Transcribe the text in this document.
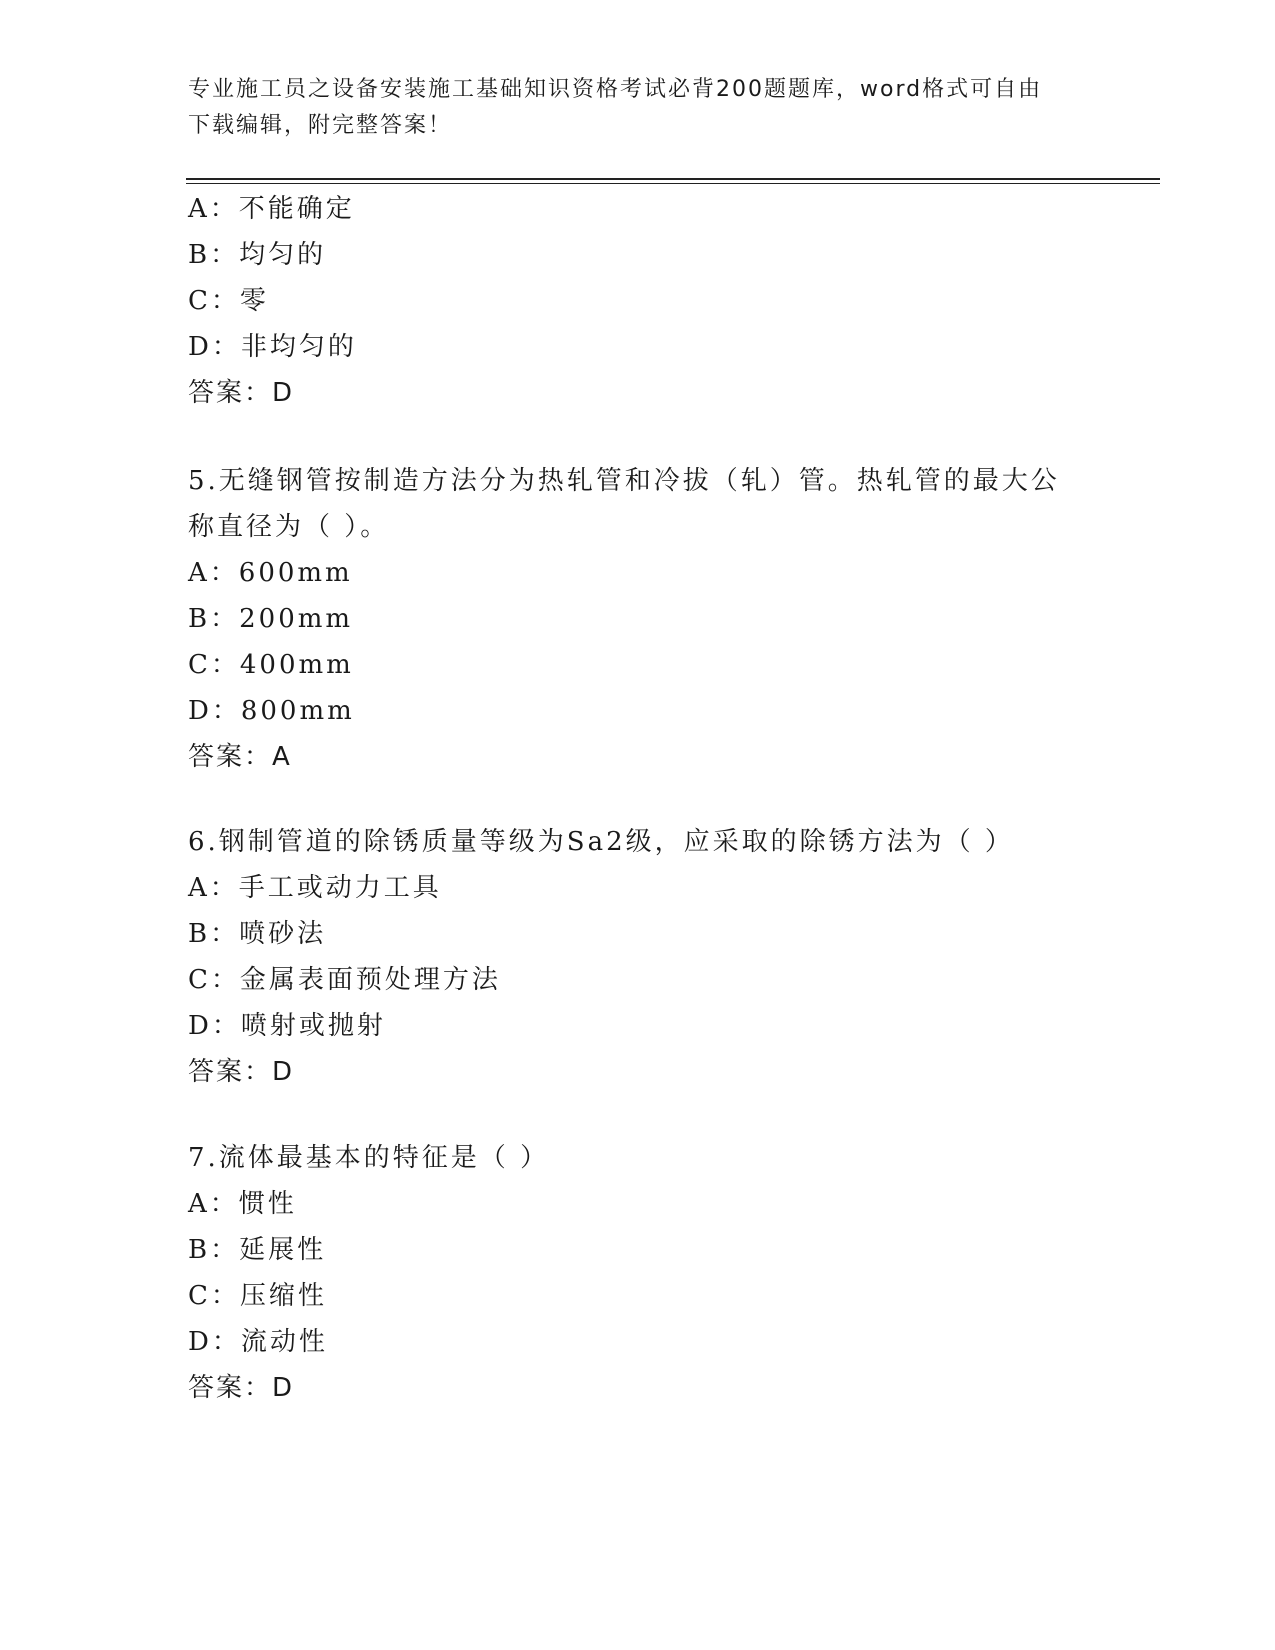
专业施工员之设备安装施工基础知识资格考试必背200题题库，word格式可自由
下载编辑，附完整答案！
A：不能确定
B：均匀的
C：零
D：非均匀的
答案：D
5.无缝钢管按制造方法分为热轧管和冷拔（轧）管。热轧管的最大公
称直径为（ ）。
A：600mm
B：200mm
C：400mm
D：800mm
答案：A
6.钢制管道的除锈质量等级为Sa2级，应采取的除锈方法为（ ）
A：手工或动力工具
B：喷砂法
C：金属表面预处理方法
D：喷射或抛射
答案：D
7.流体最基本的特征是（ ）
A：惯性
B：延展性
C：压缩性
D：流动性
答案：D
